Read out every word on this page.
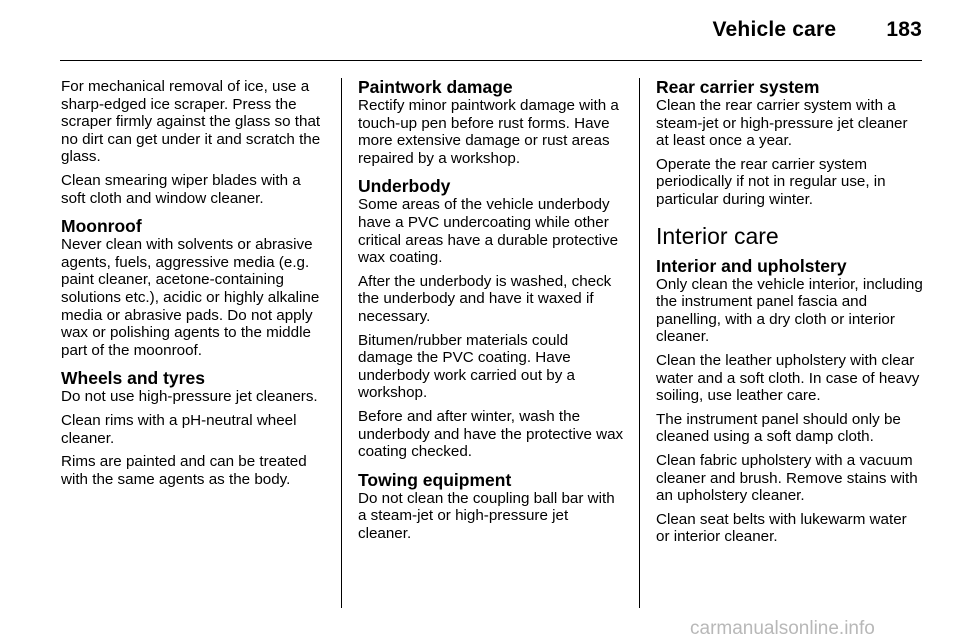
Vehicle care 183

For mechanical removal of ice, use a sharp-edged ice scraper. Press the scraper firmly against the glass so that no dirt can get under it and scratch the glass.

Clean smearing wiper blades with a soft cloth and window cleaner.

Moonroof

Never clean with solvents or abrasive agents, fuels, aggressive media (e.g. paint cleaner, acetone-containing solutions etc.), acidic or highly alkaline media or abrasive pads. Do not apply wax or polishing agents to the middle part of the moonroof.

Wheels and tyres

Do not use high-pressure jet cleaners.

Clean rims with a pH-neutral wheel cleaner.

Rims are painted and can be treated with the same agents as the body.

Paintwork damage

Rectify minor paintwork damage with a touch-up pen before rust forms. Have more extensive damage or rust areas repaired by a workshop.

Underbody

Some areas of the vehicle underbody have a PVC undercoating while other critical areas have a durable protective wax coating.

After the underbody is washed, check the underbody and have it waxed if necessary.

Bitumen/rubber materials could damage the PVC coating. Have underbody work carried out by a workshop.

Before and after winter, wash the underbody and have the protective wax coating checked.

Towing equipment

Do not clean the coupling ball bar with a steam-jet or high-pressure jet cleaner.

Rear carrier system

Clean the rear carrier system with a steam-jet or high-pressure jet cleaner at least once a year.

Operate the rear carrier system periodically if not in regular use, in particular during winter.

Interior care
Interior and upholstery

Only clean the vehicle interior, including the instrument panel fascia and panelling, with a dry cloth or interior cleaner.

Clean the leather upholstery with clear water and a soft cloth. In case of heavy soiling, use leather care.

The instrument panel should only be cleaned using a soft damp cloth.

Clean fabric upholstery with a vacuum cleaner and brush. Remove stains with an upholstery cleaner.

Clean seat belts with lukewarm water or interior cleaner.

carmanualsonline.info
